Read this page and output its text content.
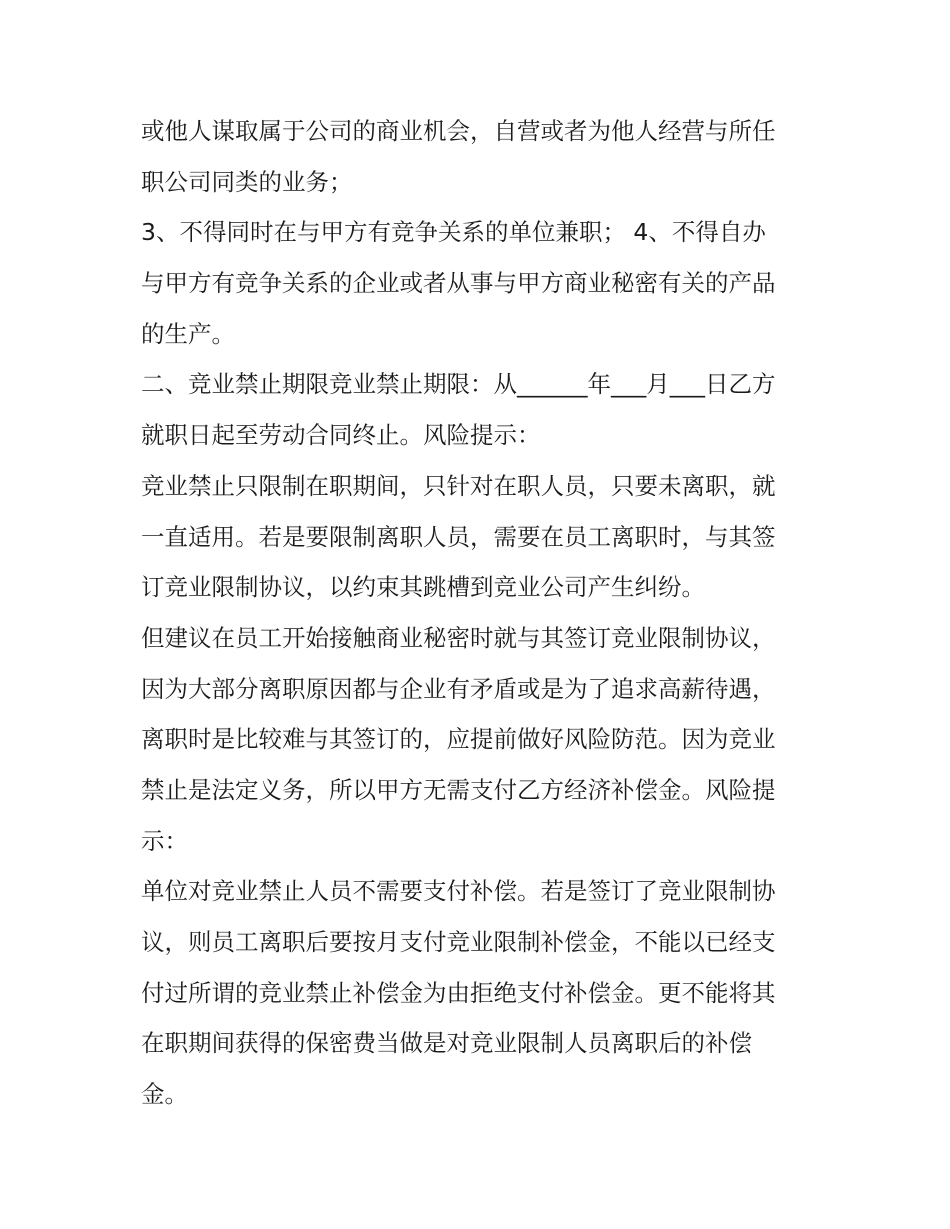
或他人谋取属于公司的商业机会，自营或者为他人经营与所任
职公司同类的业务；
3、不得同时在与甲方有竞争关系的单位兼职； 4、不得自办
与甲方有竞争关系的企业或者从事与甲方商业秘密有关的产品
的生产。
二、竞业禁止期限竞业禁止期限：从______年___月___日乙方
就职日起至劳动合同终止。风险提示：
竞业禁止只限制在职期间，只针对在职人员，只要未离职，就
一直适用。若是要限制离职人员，需要在员工离职时，与其签
订竞业限制协议，以约束其跳槽到竞业公司产生纠纷。
但建议在员工开始接触商业秘密时就与其签订竞业限制协议，
因为大部分离职原因都与企业有矛盾或是为了追求高薪待遇，
离职时是比较难与其签订的，应提前做好风险防范。因为竞业
禁止是法定义务，所以甲方无需支付乙方经济补偿金。风险提
示：
单位对竞业禁止人员不需要支付补偿。若是签订了竞业限制协
议，则员工离职后要按月支付竞业限制补偿金，不能以已经支
付过所谓的竞业禁止补偿金为由拒绝支付补偿金。更不能将其
在职期间获得的保密费当做是对竞业限制人员离职后的补偿
金。
